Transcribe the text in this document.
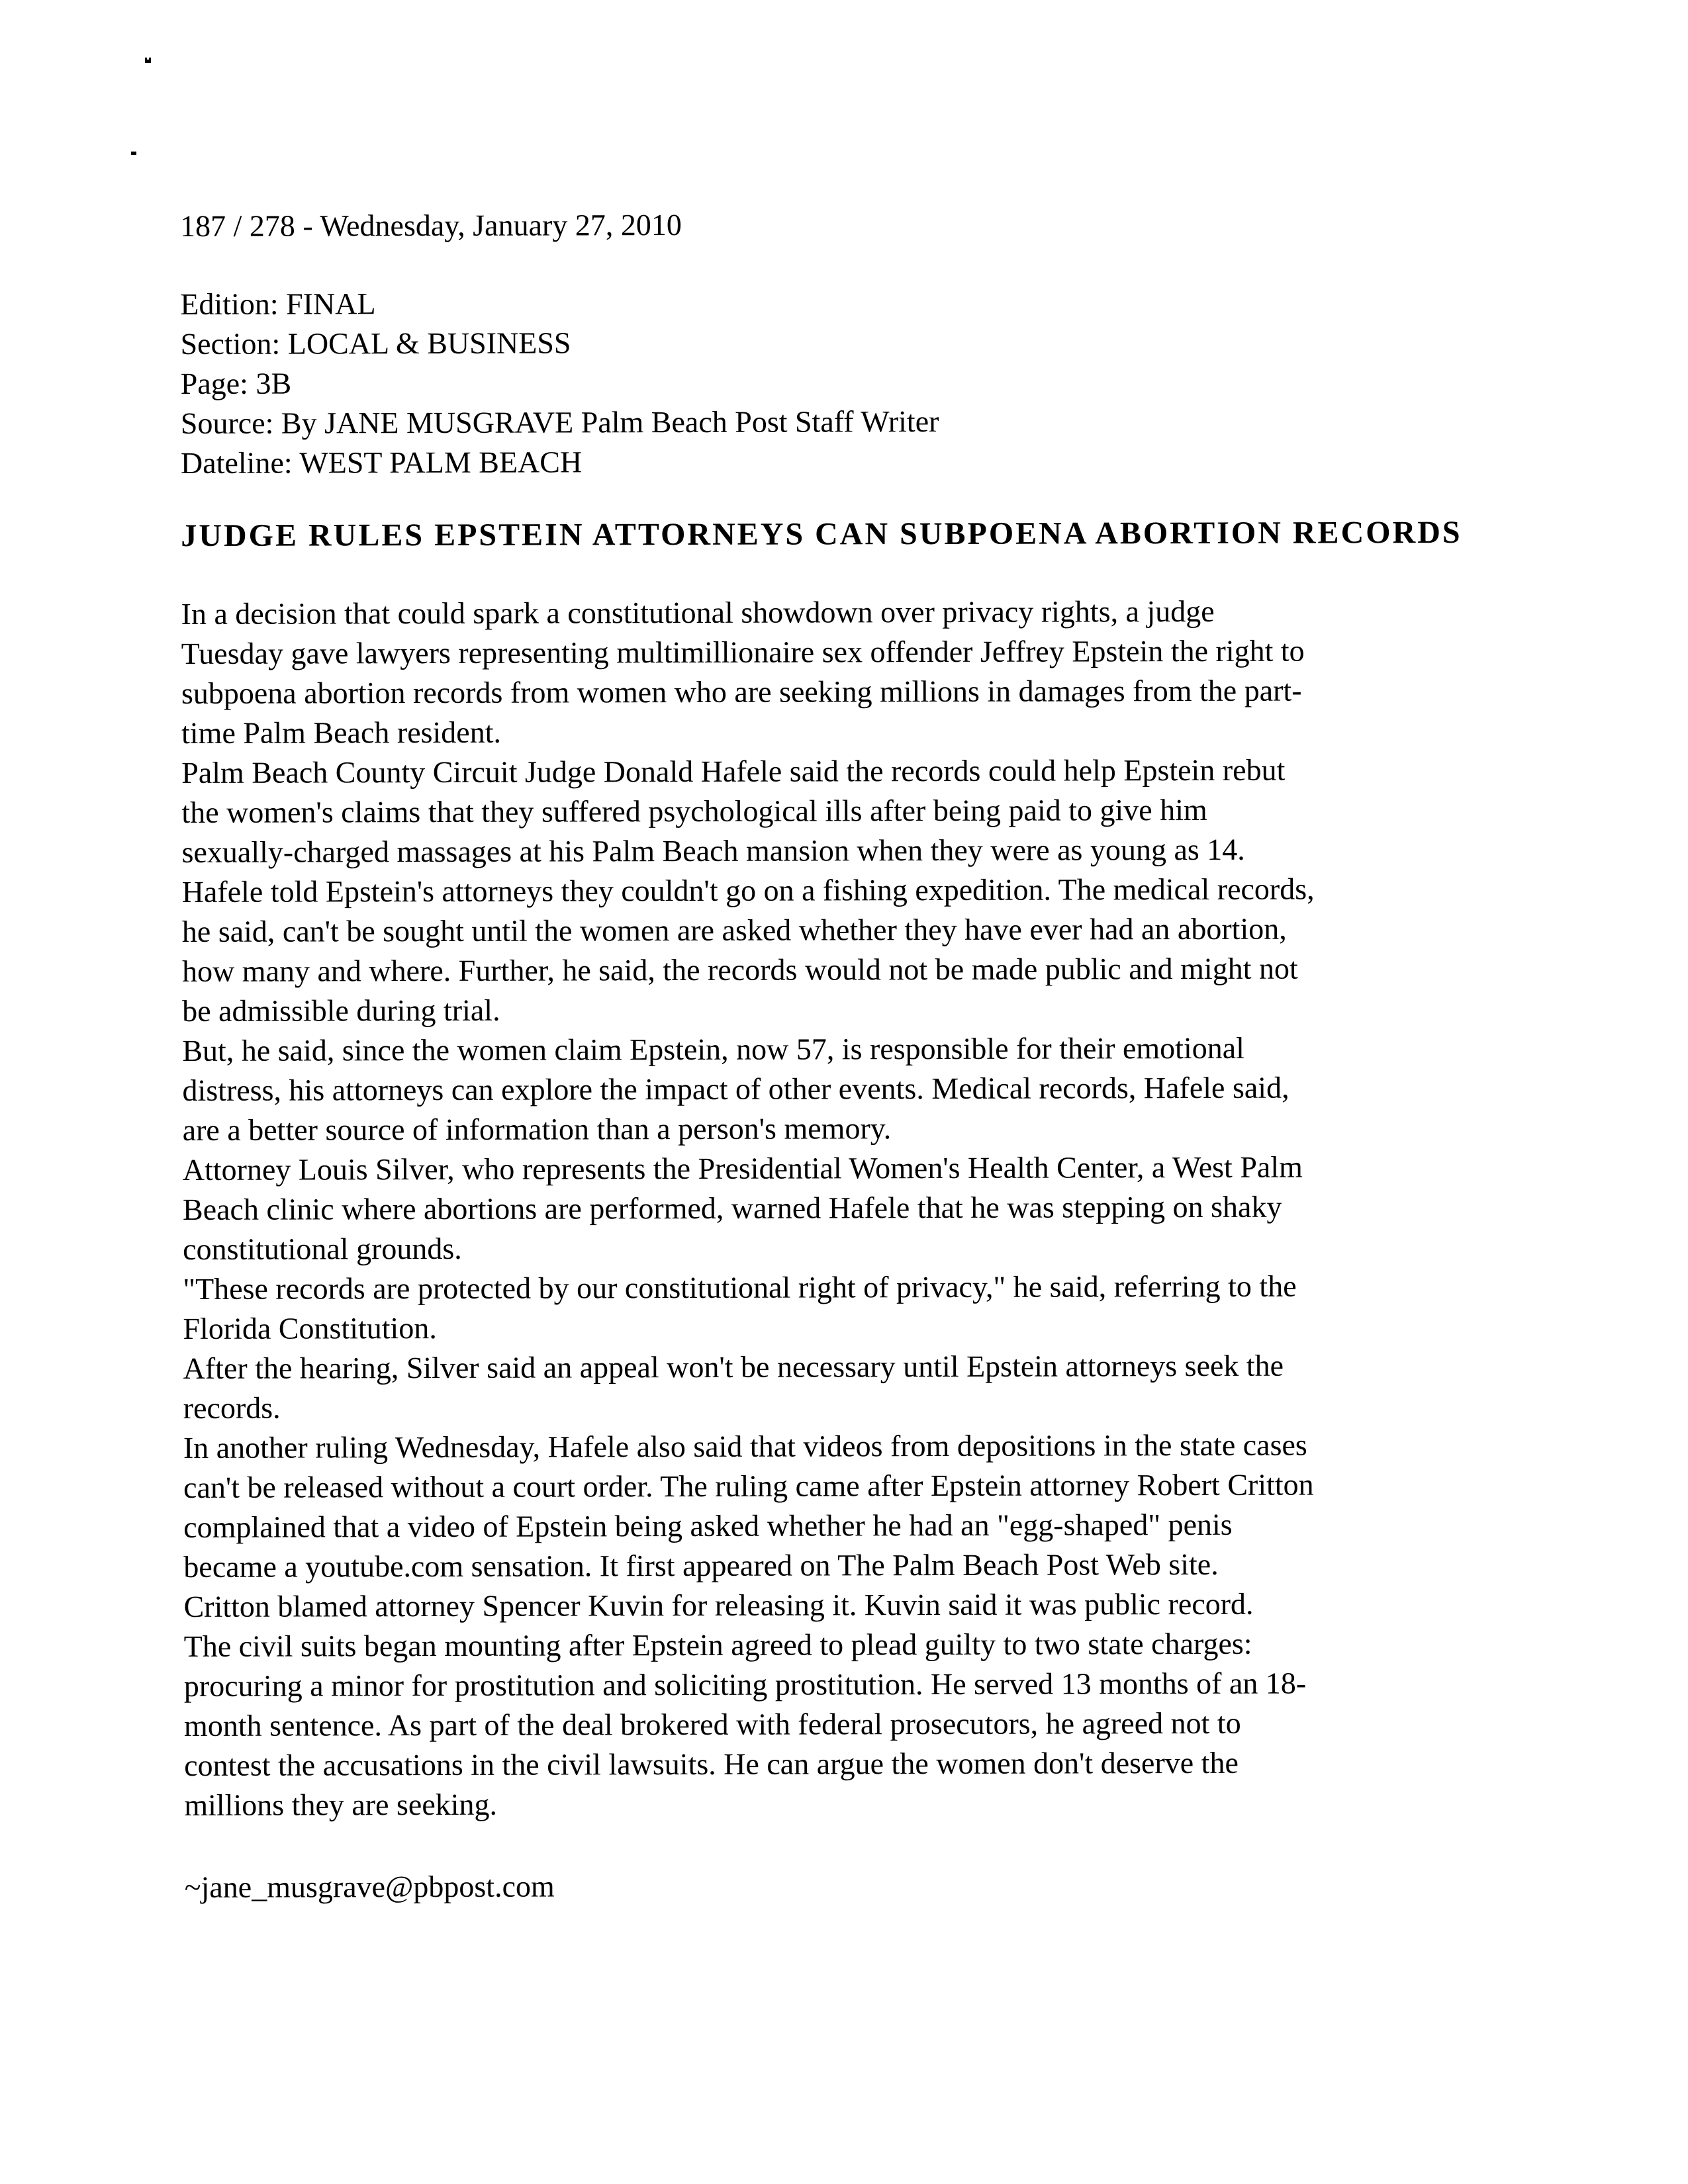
187 / 278 - Wednesday, January 27, 2010
Edition: FINAL
Section: LOCAL & BUSINESS
Page: 3B
Source: By JANE MUSGRAVE Palm Beach Post Staff Writer
Dateline: WEST PALM BEACH
JUDGE RULES EPSTEIN ATTORNEYS CAN SUBPOENA ABORTION RECORDS

In a decision that could spark a constitutional showdown over privacy rights, a judge
Tuesday gave lawyers representing multimillionaire sex offender Jeffrey Epstein the right to
subpoena abortion records from women who are seeking millions in damages from the part-
time Palm Beach resident.

Palm Beach County Circuit Judge Donald Hafele said the records could help Epstein rebut
the women's claims that they suffered psychological ills after being paid to give him
sexually-charged massages at his Palm Beach mansion when they were as young as 14.

Hafele told Epstein's attorneys they couldn't go on a fishing expedition. The medical records,
he said, can't be sought until the women are asked whether they have ever had an abortion,
how many and where. Further, he said, the records would not be made public and might not
be admissible during trial.

But, he said, since the women claim Epstein, now 57, is responsible for their emotional
distress, his attorneys can explore the impact of other events. Medical records, Hafele said,
are a better source of information than a person's memory.

Attorney Louis Silver, who represents the Presidential Women's Health Center, a West Palm
Beach clinic where abortions are performed, warned Hafele that he was stepping on shaky
constitutional grounds.

"These records are protected by our constitutional right of privacy," he said, referring to the
Florida Constitution.

After the hearing, Silver said an appeal won't be necessary until Epstein attorneys seek the
records.

In another ruling Wednesday, Hafele also said that videos from depositions in the state cases
can't be released without a court order. The ruling came after Epstein attorney Robert Critton
complained that a video of Epstein being asked whether he had an "egg-shaped" penis
became a youtube.com sensation. It first appeared on The Palm Beach Post Web site.

Critton blamed attorney Spencer Kuvin for releasing it. Kuvin said it was public record.

The civil suits began mounting after Epstein agreed to plead guilty to two state charges:
procuring a minor for prostitution and soliciting prostitution. He served 13 months of an 18-
month sentence. As part of the deal brokered with federal prosecutors, he agreed not to
contest the accusations in the civil lawsuits. He can argue the women don't deserve the
millions they are seeking.

~jane_musgrave@pbpost.com
